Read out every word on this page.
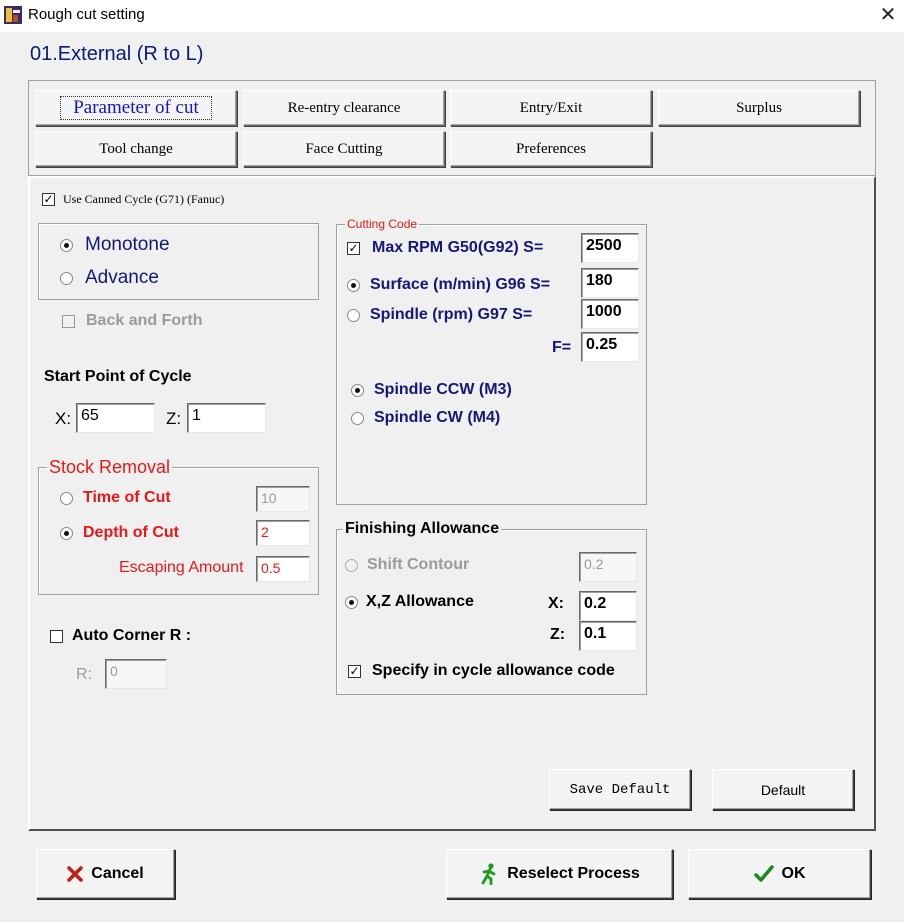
Rough cut setting	✕
01.External (R to L)
Parameter of cut	Re-entry clearance	Entry/Exit	Surplus
Tool change	Face Cutting	Preferences
✓ Use Canned Cycle (G71) (Fanuc)
Monotone
Advance
Back and Forth
Start Point of Cycle
X: 65	Z: 1
Stock Removal
Time of Cut	10
Depth of Cut	2
Escaping Amount	0.5
Auto Corner R :
R:	0
Cutting Code
✓ Max RPM G50(G92) S=	2500
Surface (m/min) G96 S=	180
Spindle (rpm) G97 S=	1000
F= 0.25
Spindle CCW (M3)
Spindle CW (M4)
Finishing Allowance
Shift Contour	0.2
X,Z Allowance	X:	0.2
Z:	0.1
✓ Specify in cycle allowance code
Save Default	Default
Cancel	Reselect Process	OK
